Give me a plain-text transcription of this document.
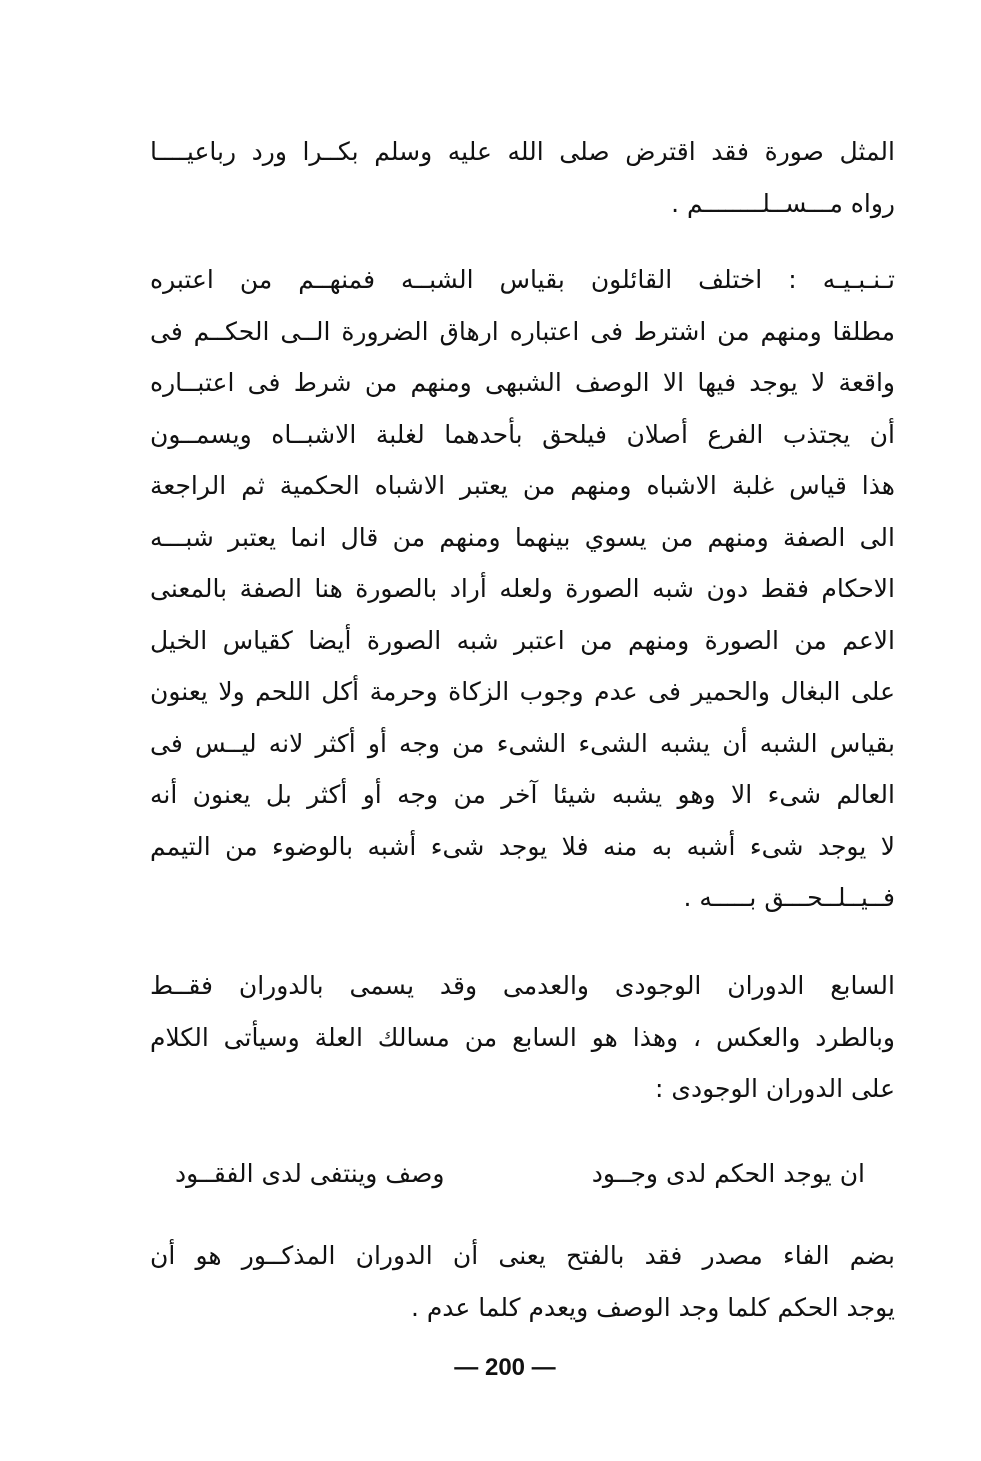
المثل صورة فقد اقترض صلى الله عليه وسلم بكــرا ورد رباعيــــا
رواه مـــســلــــــــم .
تـنـبـيـه : اختلف القائلون بقياس الشبــه فمنهــم من اعتبره
مطلقا ومنهم من اشترط فى اعتباره ارهاق الضرورة الــى الحكــم فى
واقعة لا يوجد فيها الا الوصف الشبهى ومنهم من شرط فى اعتبــاره
أن يجتذب الفرع أصلان فيلحق بأحدهما لغلبة الاشبــاه ويسمــون
هذا قياس غلبة الاشباه ومنهم من يعتبر الاشباه الحكمية ثم الراجعة
الى الصفة ومنهم من يسوي بينهما ومنهم من قال انما يعتبر شبـــه
الاحكام فقط دون شبه الصورة ولعله أراد بالصورة هنا الصفة بالمعنى
الاعم من الصورة ومنهم من اعتبر شبه الصورة أيضا كقياس الخيل
على البغال والحمير فى عدم وجوب الزكاة وحرمة أكل اللحم ولا يعنون
بقياس الشبه أن يشبه الشىء الشىء من وجه أو أكثر لانه ليــس فى
العالم شىء الا وهو يشبه شيئا آخر من وجه أو أكثر بل يعنون أنه
لا يوجد شىء أشبه به منه فلا يوجد شىء أشبه بالوضوء من التيمم
فــيــلــحـــق بـــــه .
السابع الدوران الوجودى والعدمى وقد يسمى بالدوران فقــط
وبالطرد والعكس ، وهذا هو السابع من مسالك العلة وسيأتى الكلام
على الدوران الوجودى :
ان يوجد الحكم لدى وجــود
وصف وينتفى لدى الفقــود
بضم الفاء مصدر فقد بالفتح يعنى أن الدوران المذكــور هو أن
يوجد الحكم كلما وجد الوصف ويعدم كلما عدم .
— 200 —
